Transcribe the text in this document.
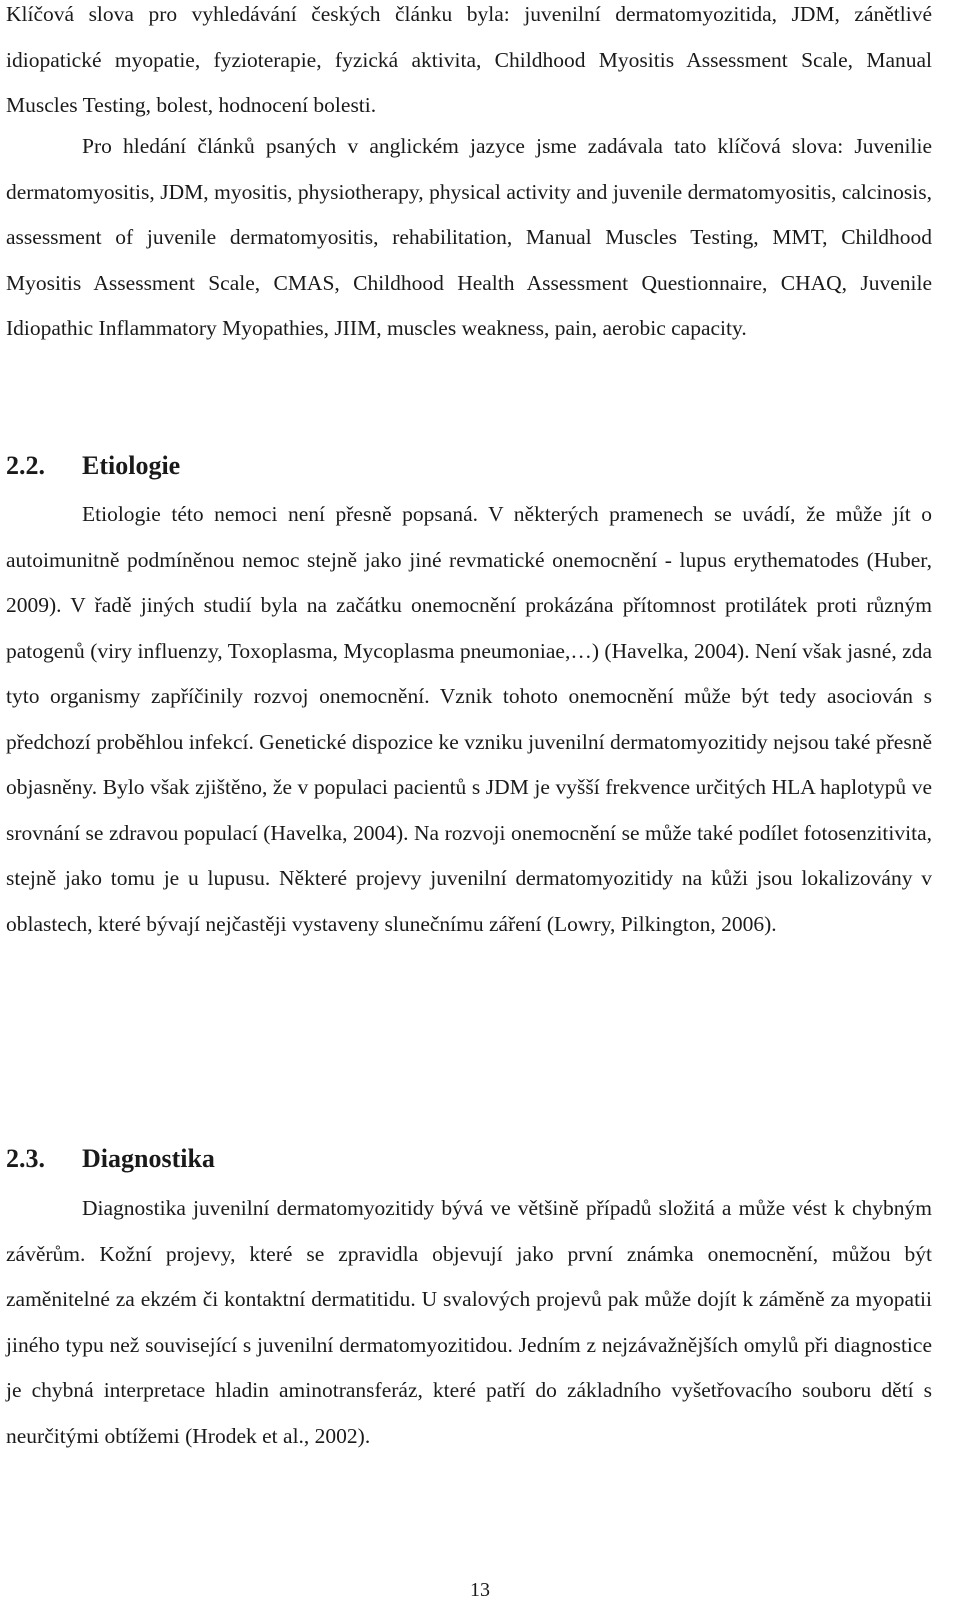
Klíčová slova pro vyhledávání českých článku byla: juvenilní dermatomyozitida, JDM, zánětlivé idiopatické myopatie, fyzioterapie, fyzická aktivita, Childhood Myositis Assessment Scale, Manual Muscles Testing, bolest, hodnocení bolesti.

Pro hledání článků psaných v anglickém jazyce jsme zadávala tato klíčová slova: Juvenilie dermatomyositis, JDM, myositis, physiotherapy, physical activity and juvenile dermatomyositis, calcinosis, assessment of juvenile dermatomyositis, rehabilitation, Manual Muscles Testing, MMT, Childhood Myositis Assessment Scale, CMAS, Childhood Health Assessment Questionnaire, CHAQ, Juvenile Idiopathic Inflammatory Myopathies, JIIM, muscles weakness, pain, aerobic capacity.

2.2. Etiologie

Etiologie této nemoci není přesně popsaná. V některých pramenech se uvádí, že může jít o autoimunitně podmíněnou nemoc stejně jako jiné revmatické onemocnění - lupus erythematodes (Huber, 2009). V řadě jiných studií byla na začátku onemocnění prokázána přítomnost protilátek proti různým patogenů (viry influenzy, Toxoplasma, Mycoplasma pneumoniae,…) (Havelka, 2004). Není však jasné, zda tyto organismy zapříčinily rozvoj onemocnění. Vznik tohoto onemocnění může být tedy asociován s předchozí proběhlou infekcí. Genetické dispozice ke vzniku juvenilní dermatomyozitidy nejsou také přesně objasněny. Bylo však zjištěno, že v populaci pacientů s JDM je vyšší frekvence určitých HLA haplotypů ve srovnání se zdravou populací (Havelka, 2004). Na rozvoji onemocnění se může také podílet fotosenzitivita, stejně jako tomu je u lupusu. Některé projevy juvenilní dermatomyozitidy na kůži jsou lokalizovány v oblastech, které bývají nejčastěji vystaveny slunečnímu záření (Lowry, Pilkington, 2006).

2.3. Diagnostika

Diagnostika juvenilní dermatomyozitidy bývá ve většině případů složitá a může vést k chybným závěrům. Kožní projevy, které se zpravidla objevují jako první známka onemocnění, můžou být zaměnitelné za ekzém či kontaktní dermatitidu. U svalových projevů pak může dojít k záměně za myopatii jiného typu než související s juvenilní dermatomyozitidou. Jedním z nejzávažnějších omylů při diagnostice je chybná interpretace hladin aminotransferáz, které patří do základního vyšetřovacího souboru dětí s neurčitými obtížemi (Hrodek et al., 2002).

13
